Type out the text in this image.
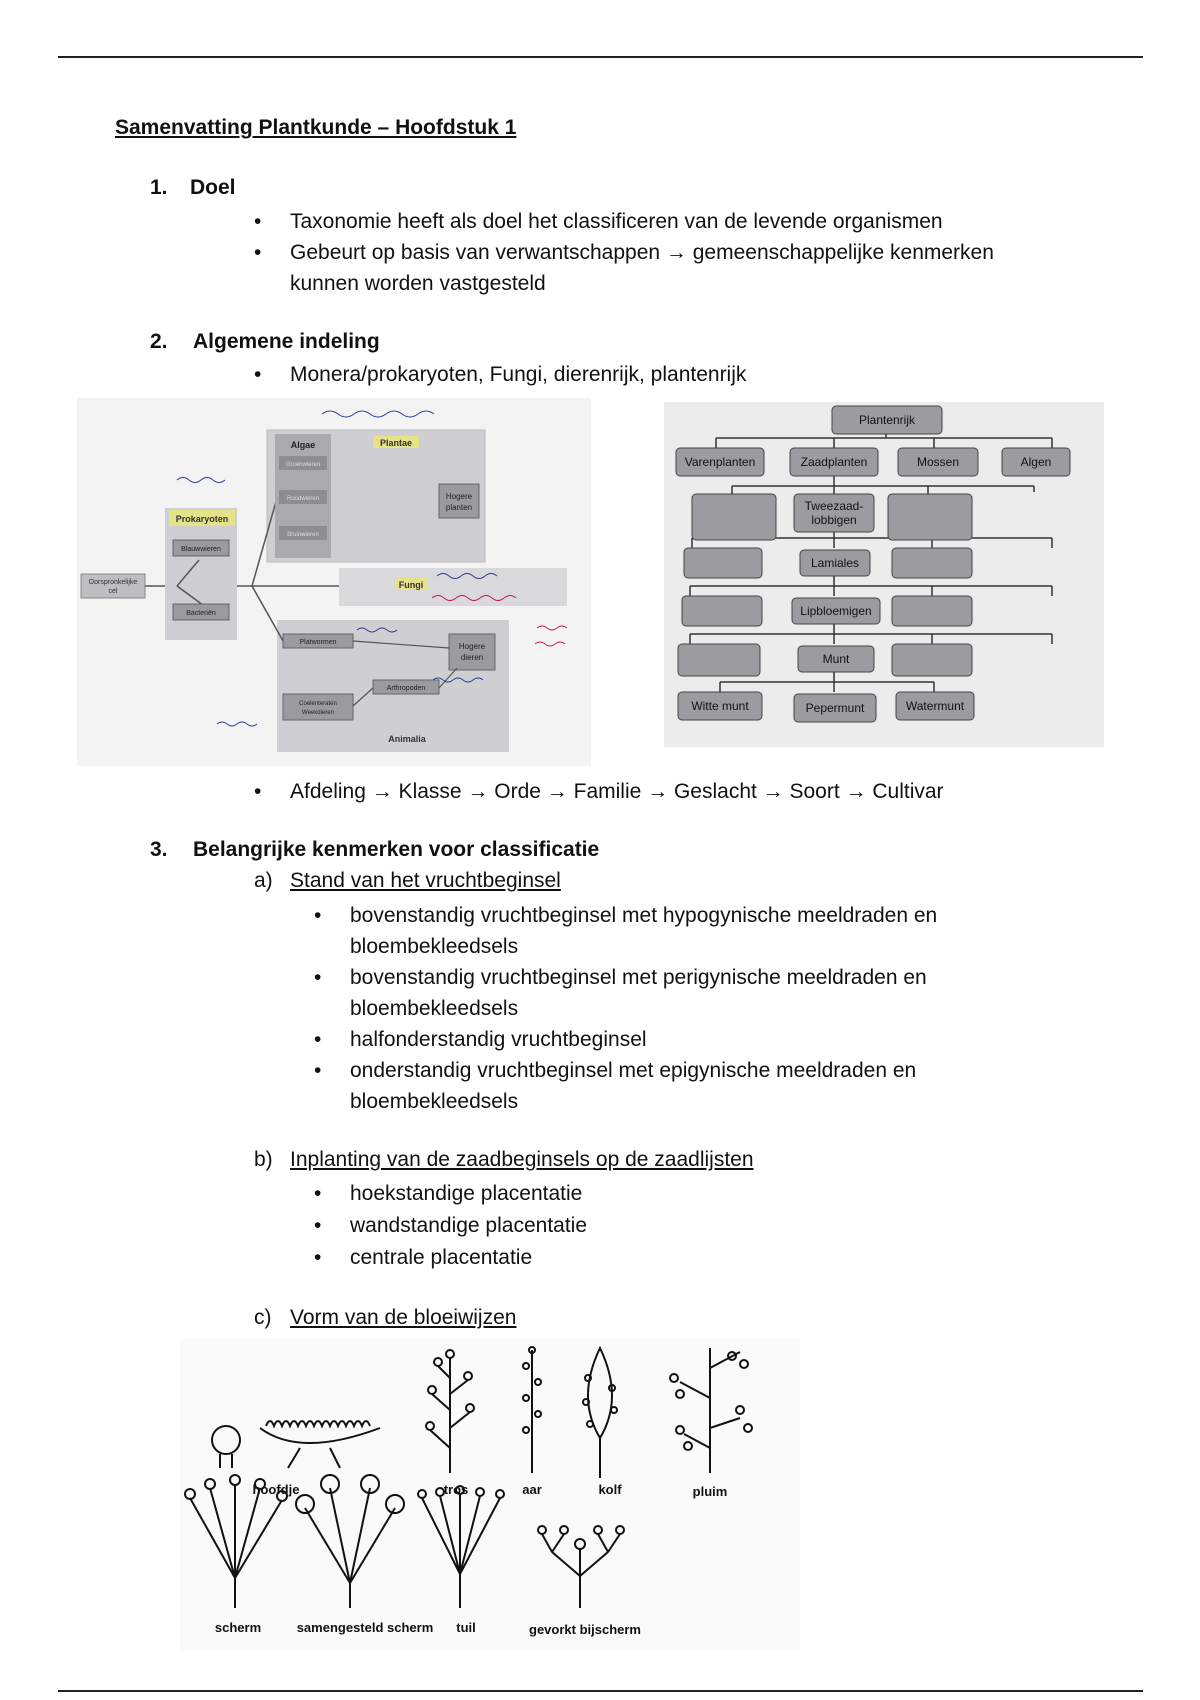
Samenvatting Plantkunde – Hoofdstuk 1
1. Doel
• Taxonomie heeft als doel het classificeren van de levende organismen
• Gebeurt op basis van verwantschappen → gemeenschappelijke kenmerken
kunnen worden vastgesteld
2. Algemene indeling
• Monera/prokaryoten, Fungi, dierenrijk, plantenrijk
Oorspronkelijke
cel
Prokaryoten
Blauwwieren
Bacteriën
Algae
Groenwieren
Roodwieren
Bruinwieren
Plantae
Hogere
planten
Fungi
Platwormen	Hogere
dieren
Arthropoden
Coelenteraten
Weekdieren
Animalia
Plantenrijk
Varenplanten	Zaadplanten	Mossen	Algen
Tweezaad-
lobbigen
Lamiales
Lipbloemigen
Munt
Witte munt	Pepermunt	Watermunt
• Afdeling → Klasse → Orde → Familie → Geslacht → Soort → Cultivar
3. Belangrijke kenmerken voor classificatie
a) Stand van het vruchtbeginsel
• bovenstandig vruchtbeginsel met hypogynische meeldraden en
bloembekleedsels
• bovenstandig vruchtbeginsel met perigynische meeldraden en
bloembekleedsels
• halfonderstandig vruchtbeginsel
• onderstandig vruchtbeginsel met epigynische meeldraden en
bloembekleedsels
b) Inplanting van de zaadbeginsels op de zaadlijsten
• hoekstandige placentatie
• wandstandige placentatie
• centrale placentatie
c) Vorm van de bloeiwijzen
hoofdje	tros	aar	kolf	pluim
scherm	samengesteld scherm tuil	gevorkt bijscherm
